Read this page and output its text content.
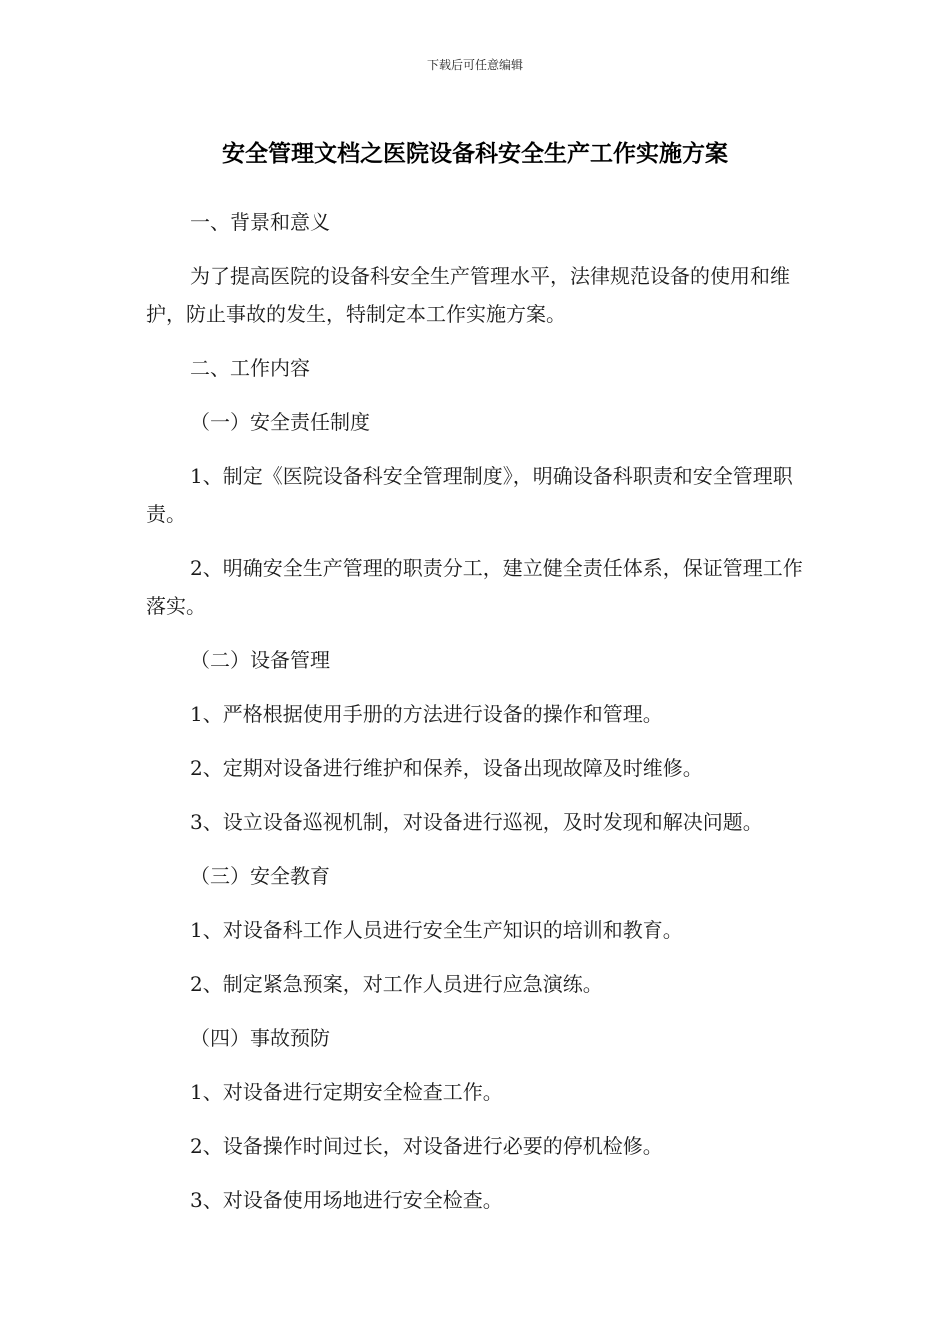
下载后可任意编辑
安全管理文档之医院设备科安全生产工作实施方案

一、背景和意义

为了提高医院的设备科安全生产管理水平，法律规范设备的使用和维护，防止事故的发生，特制定本工作实施方案。

二、工作内容

（一）安全责任制度

1、制定《医院设备科安全管理制度》，明确设备科职责和安全管理职责。

2、明确安全生产管理的职责分工，建立健全责任体系，保证管理工作落实。

（二）设备管理

1、严格根据使用手册的方法进行设备的操作和管理。

2、定期对设备进行维护和保养，设备出现故障及时维修。

3、设立设备巡视机制，对设备进行巡视，及时发现和解决问题。

（三）安全教育

1、对设备科工作人员进行安全生产知识的培训和教育。

2、制定紧急预案，对工作人员进行应急演练。

（四）事故预防

1、对设备进行定期安全检查工作。

2、设备操作时间过长，对设备进行必要的停机检修。

3、对设备使用场地进行安全检查。
